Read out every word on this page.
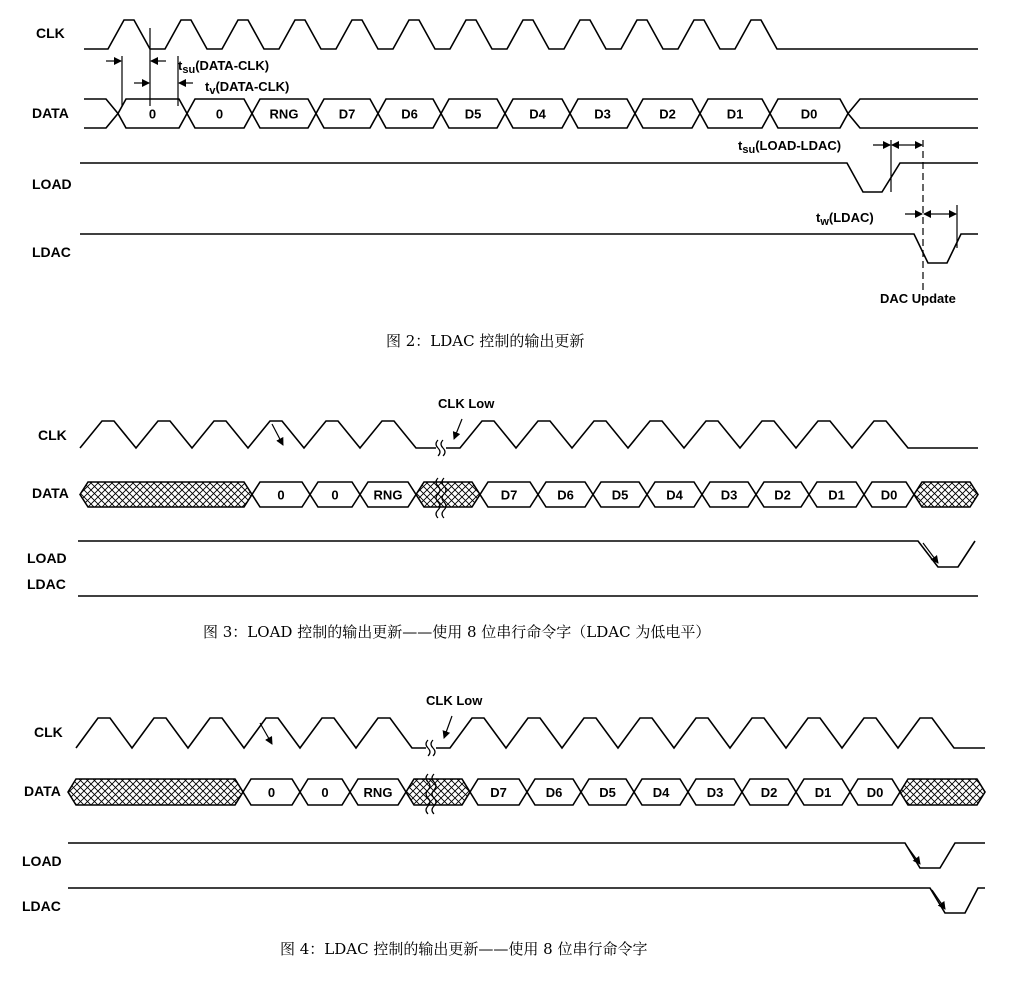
CLK
DATA
LOAD
LDAC
0	0	RNG	D7	D6	D5	D4	D3	D2	D1	D0
$t_{su}(DATA-CLK)$
$t_v(DATA-CLK)$
$t_{su}(LOAD-LDAC)$
$t_w(LDAC)$
DAC Update
图 2：LDAC 控制的输出更新
CLK
DATA
LOAD
LDAC
0	0	RNG	D7	D6	D5	D4	D3	D2	D1	D0
CLK Low
图 3：LOAD 控制的输出更新——使用 8 位串行命令字（LDAC 为低电平）
CLK
DATA
LOAD
LDAC
0	0	RNG	D7	D6	D5	D4	D3	D2	D1	D0
CLK Low
图 4：LDAC 控制的输出更新——使用 8 位串行命令字
